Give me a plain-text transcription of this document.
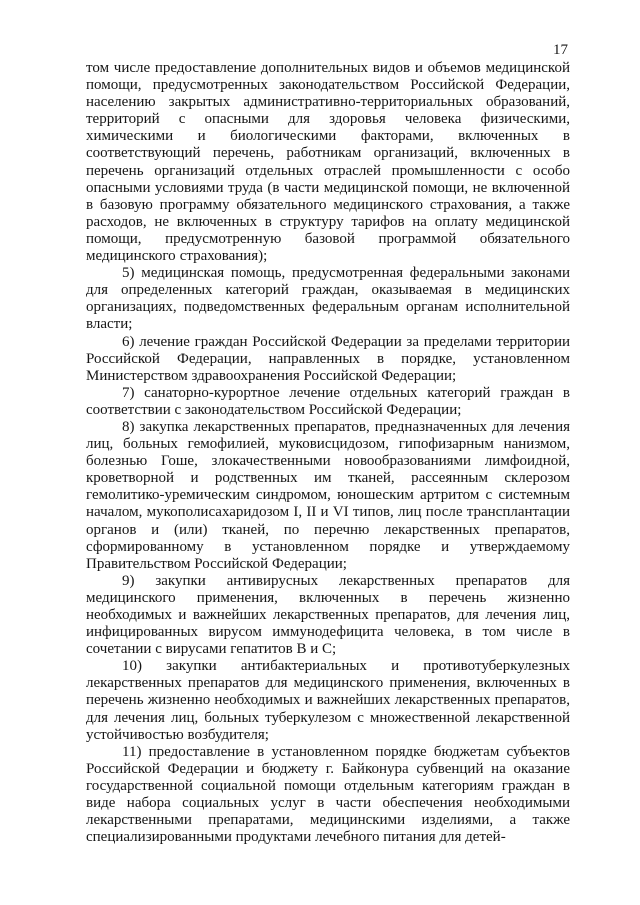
17

том числе предоставление дополнительных видов и объемов медицинской помощи, предусмотренных законодательством Российской Федерации, населению закрытых административно-территориальных образований, территорий с опасными для здоровья человека физическими, химическими и биологическими факторами, включенных в соответствующий перечень, работникам организаций, включенных в перечень организаций отдельных отраслей промышленности с особо опасными условиями труда (в части медицинской помощи, не включенной в базовую программу обязательного медицинского страхования, а также расходов, не включенных в структуру тарифов на оплату медицинской помощи, предусмотренную базовой программой обязательного медицинского страхования);

5) медицинская помощь, предусмотренная федеральными законами для определенных категорий граждан, оказываемая в медицинских организациях, подведомственных федеральным органам исполнительной власти;

6) лечение граждан Российской Федерации за пределами территории Российской Федерации, направленных в порядке, установленном Министерством здравоохранения Российской Федерации;

7) санаторно-курортное лечение отдельных категорий граждан в соответствии с законодательством Российской Федерации;

8) закупка лекарственных препаратов, предназначенных для лечения лиц, больных гемофилией, муковисцидозом, гипофизарным нанизмом, болезнью Гоше, злокачественными новообразованиями лимфоидной, кроветворной и родственных им тканей, рассеянным склерозом гемолитико-уремическим синдромом, юношеским артритом с системным началом, мукополисахаридозом I, II и VI типов, лиц после трансплантации органов и (или) тканей, по перечню лекарственных препаратов, сформированному в установленном порядке и утверждаемому Правительством Российской Федерации;

9) закупки антивирусных лекарственных препаратов для медицинского применения, включенных в перечень жизненно необходимых и важнейших лекарственных препаратов, для лечения лиц, инфицированных вирусом иммунодефицита человека, в том числе в сочетании с вирусами гепатитов B и C;

10) закупки антибактериальных и противотуберкулезных лекарственных препаратов для медицинского применения, включенных в перечень жизненно необходимых и важнейших лекарственных препаратов, для лечения лиц, больных туберкулезом с множественной лекарственной устойчивостью возбудителя;

11) предоставление в установленном порядке бюджетам субъектов Российской Федерации и бюджету г. Байконура субвенций на оказание государственной социальной помощи отдельным категориям граждан в виде набора социальных услуг в части обеспечения необходимыми лекарственными препаратами, медицинскими изделиями, а также специализированными продуктами лечебного питания для детей-
